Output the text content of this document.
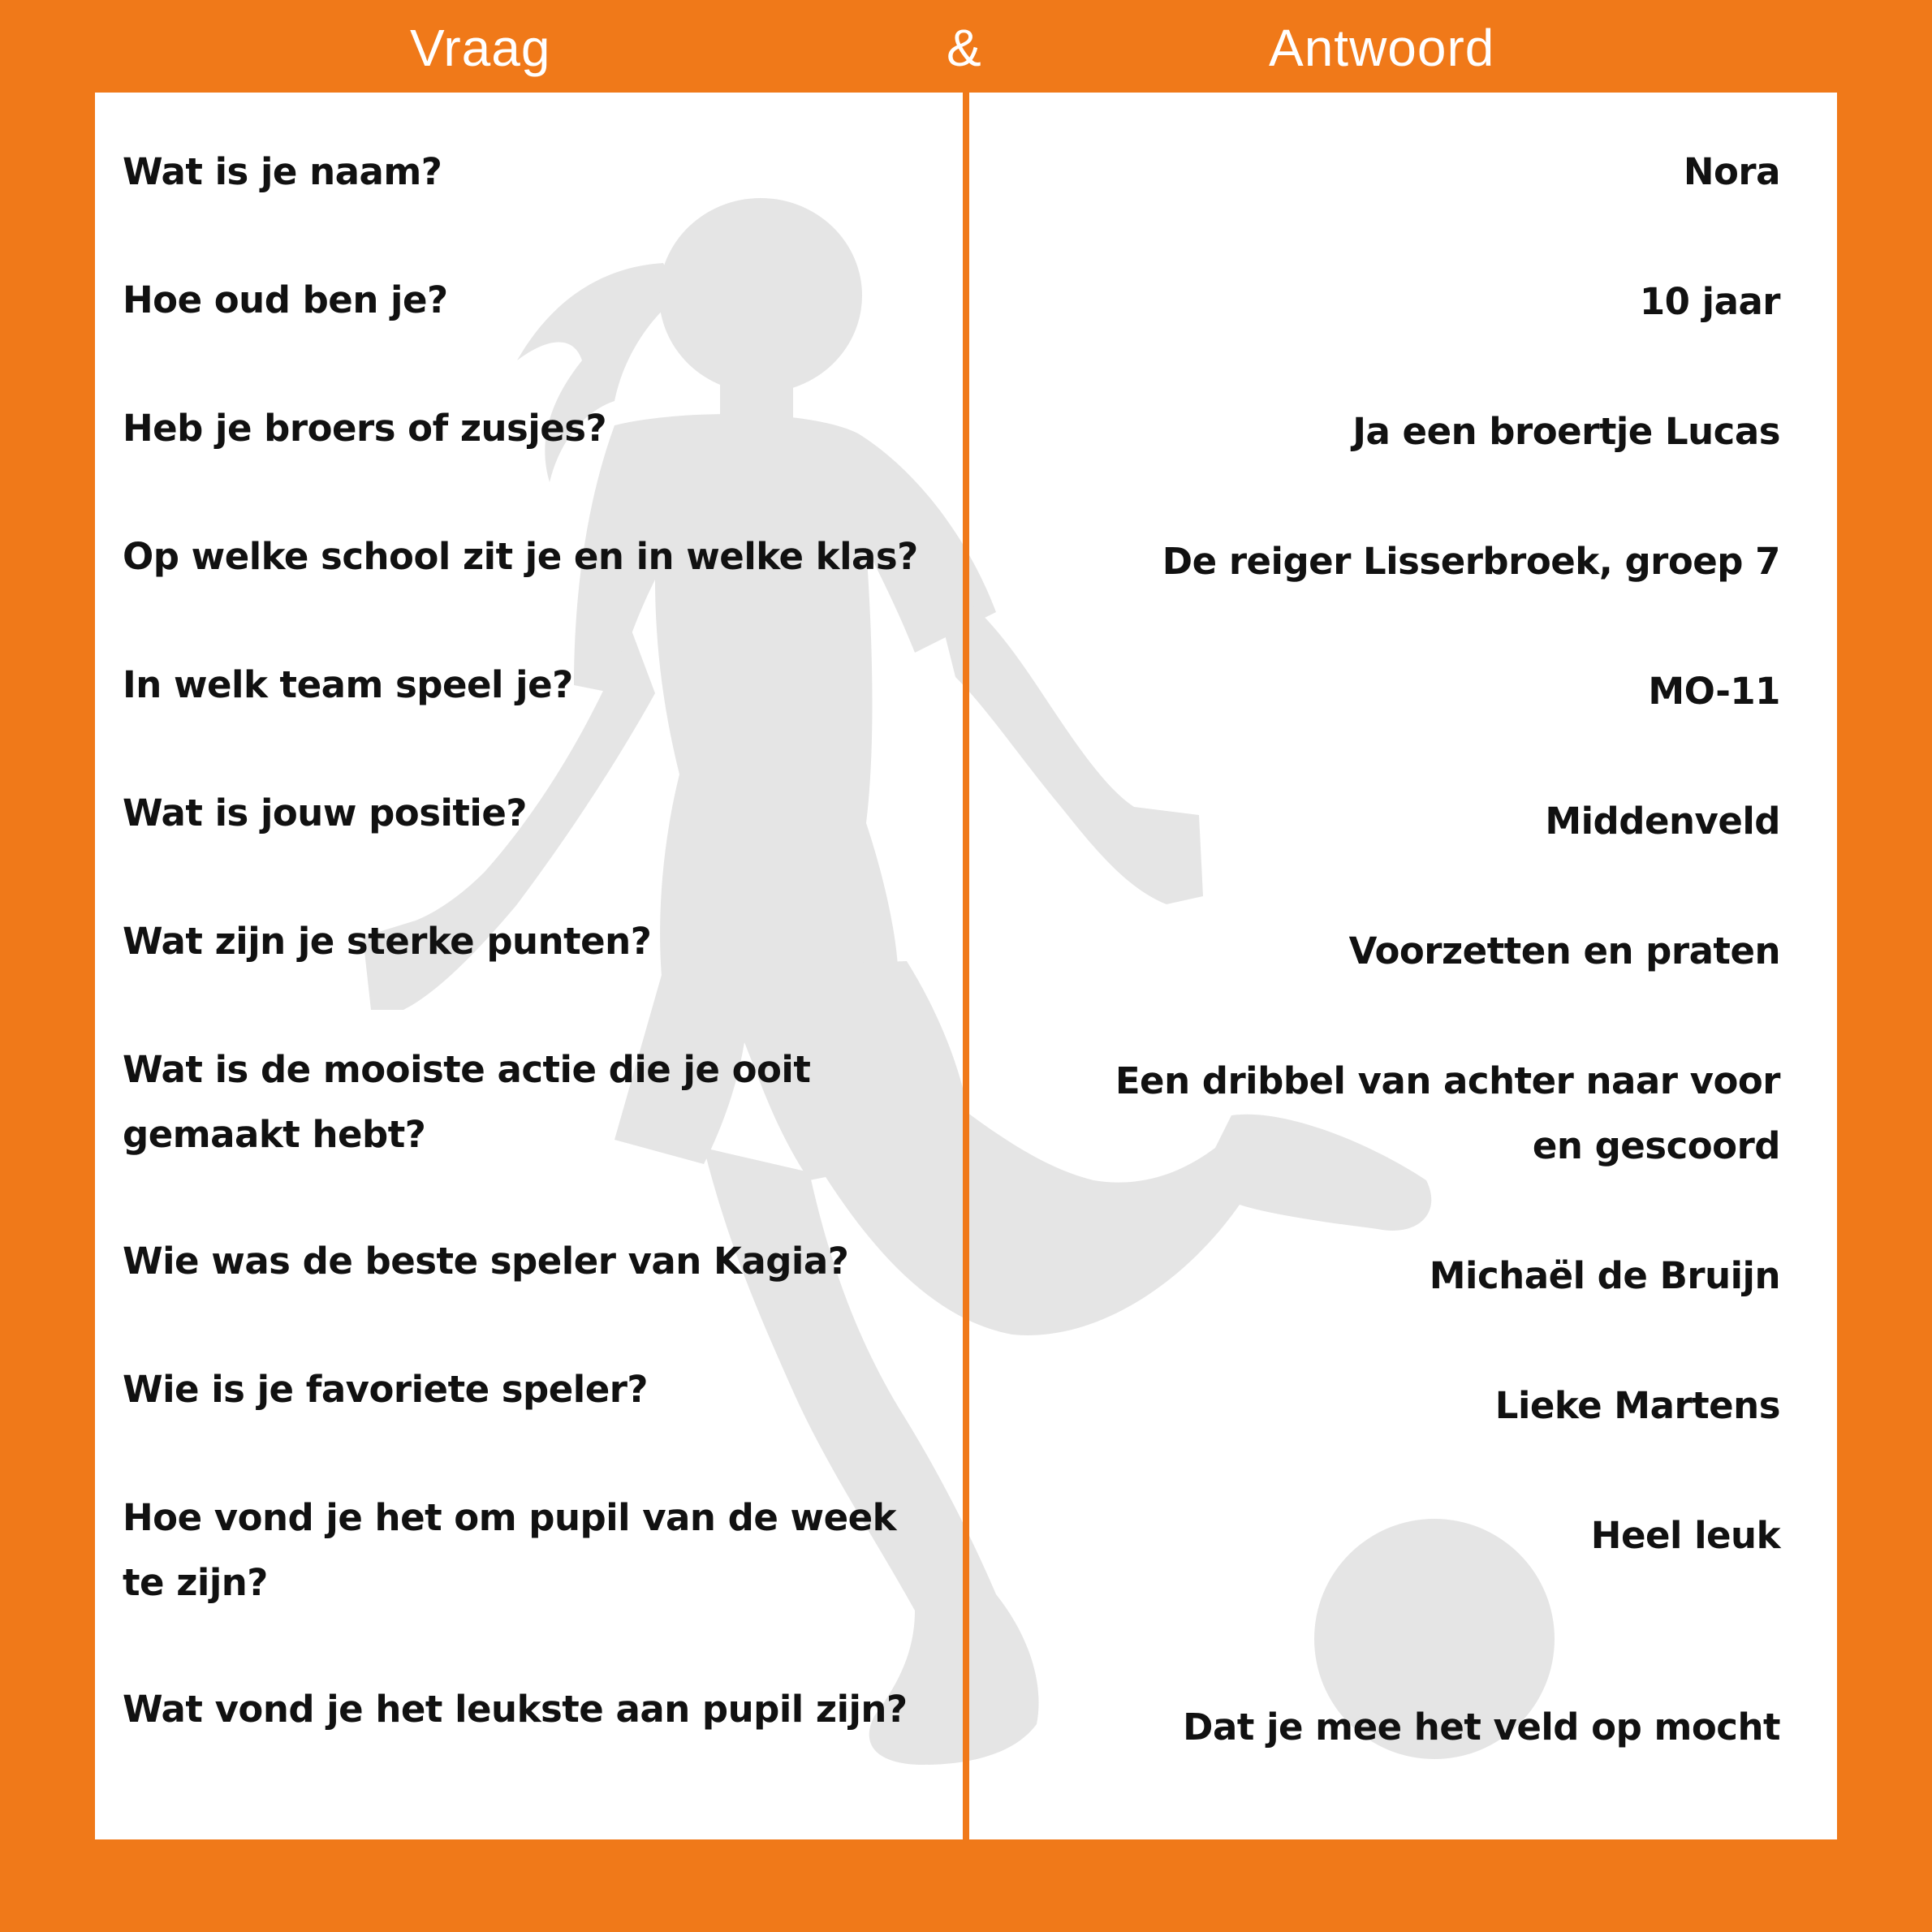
Vraag	&	Antwoord
Wat is je naam?
Hoe oud ben je?
Heb je broers of zusjes?
Op welke school zit je en in welke klas?
In welk team speel je?
Wat is jouw positie?
Wat zijn je sterke punten?
Wat is de mooiste actie die je ooit gemaakt hebt?
Wie was de beste speler van Kagia?
Wie is je favoriete speler?
Hoe vond je het om pupil van de week te zijn?
Wat vond je het leukste aan pupil zijn?
Nora
10 jaar
Ja een broertje Lucas
De reiger Lisserbroek, groep 7
MO-11
Middenveld
Voorzetten en praten
Een dribbel van achter naar voor en gescoord
Michaël de Bruijn
Lieke Martens
Heel leuk
Dat je mee het veld op mocht
